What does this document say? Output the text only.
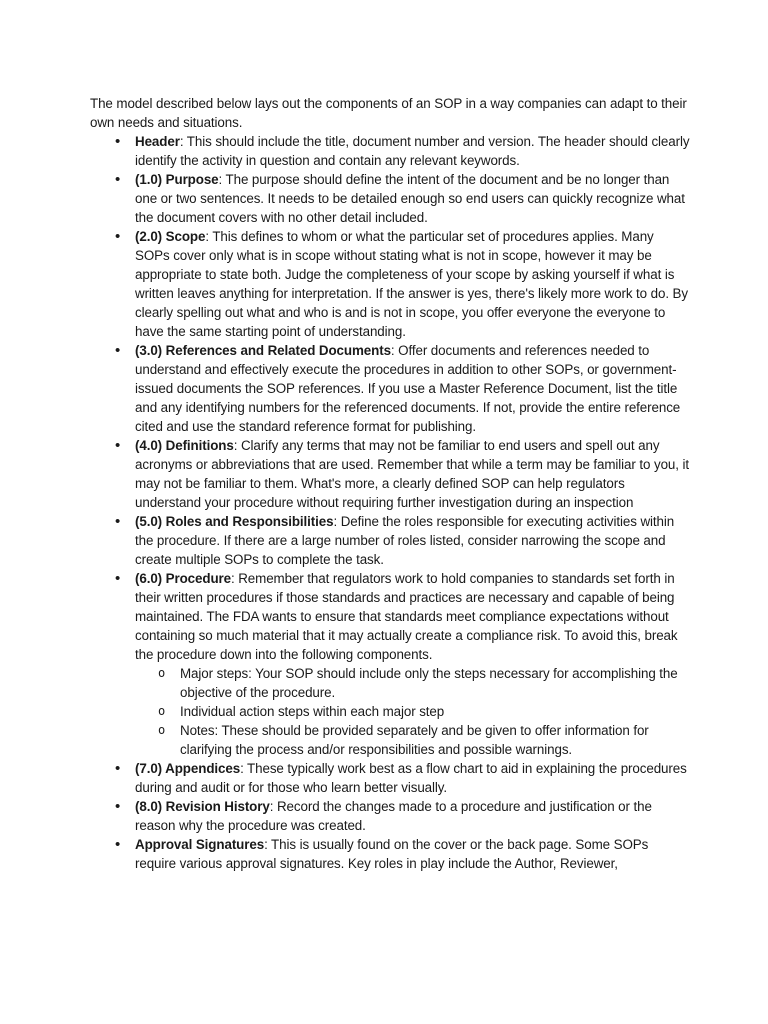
The model described below lays out the components of an SOP in a way companies can adapt to their own needs and situations.

• Header: This should include the title, document number and version. The header should clearly identify the activity in question and contain any relevant keywords.
• (1.0) Purpose: The purpose should define the intent of the document and be no longer than one or two sentences. It needs to be detailed enough so end users can quickly recognize what the document covers with no other detail included.
• (2.0) Scope: This defines to whom or what the particular set of procedures applies. Many SOPs cover only what is in scope without stating what is not in scope, however it may be appropriate to state both. Judge the completeness of your scope by asking yourself if what is written leaves anything for interpretation. If the answer is yes, there's likely more work to do. By clearly spelling out what and who is and is not in scope, you offer everyone the everyone to have the same starting point of understanding.
• (3.0) References and Related Documents: Offer documents and references needed to understand and effectively execute the procedures in addition to other SOPs, or government-issued documents the SOP references. If you use a Master Reference Document, list the title and any identifying numbers for the referenced documents. If not, provide the entire reference cited and use the standard reference format for publishing.
• (4.0) Definitions: Clarify any terms that may not be familiar to end users and spell out any acronyms or abbreviations that are used. Remember that while a term may be familiar to you, it may not be familiar to them. What's more, a clearly defined SOP can help regulators understand your procedure without requiring further investigation during an inspection
• (5.0) Roles and Responsibilities: Define the roles responsible for executing activities within the procedure. If there are a large number of roles listed, consider narrowing the scope and create multiple SOPs to complete the task.
• (6.0) Procedure: Remember that regulators work to hold companies to standards set forth in their written procedures if those standards and practices are necessary and capable of being maintained. The FDA wants to ensure that standards meet compliance expectations without containing so much material that it may actually create a compliance risk. To avoid this, break the procedure down into the following components.
o Major steps: Your SOP should include only the steps necessary for accomplishing the objective of the procedure.
o Individual action steps within each major step
o Notes: These should be provided separately and be given to offer information for clarifying the process and/or responsibilities and possible warnings.
• (7.0) Appendices: These typically work best as a flow chart to aid in explaining the procedures during and audit or for those who learn better visually.
• (8.0) Revision History: Record the changes made to a procedure and justification or the reason why the procedure was created.
• Approval Signatures: This is usually found on the cover or the back page. Some SOPs require various approval signatures. Key roles in play include the Author, Reviewer,
